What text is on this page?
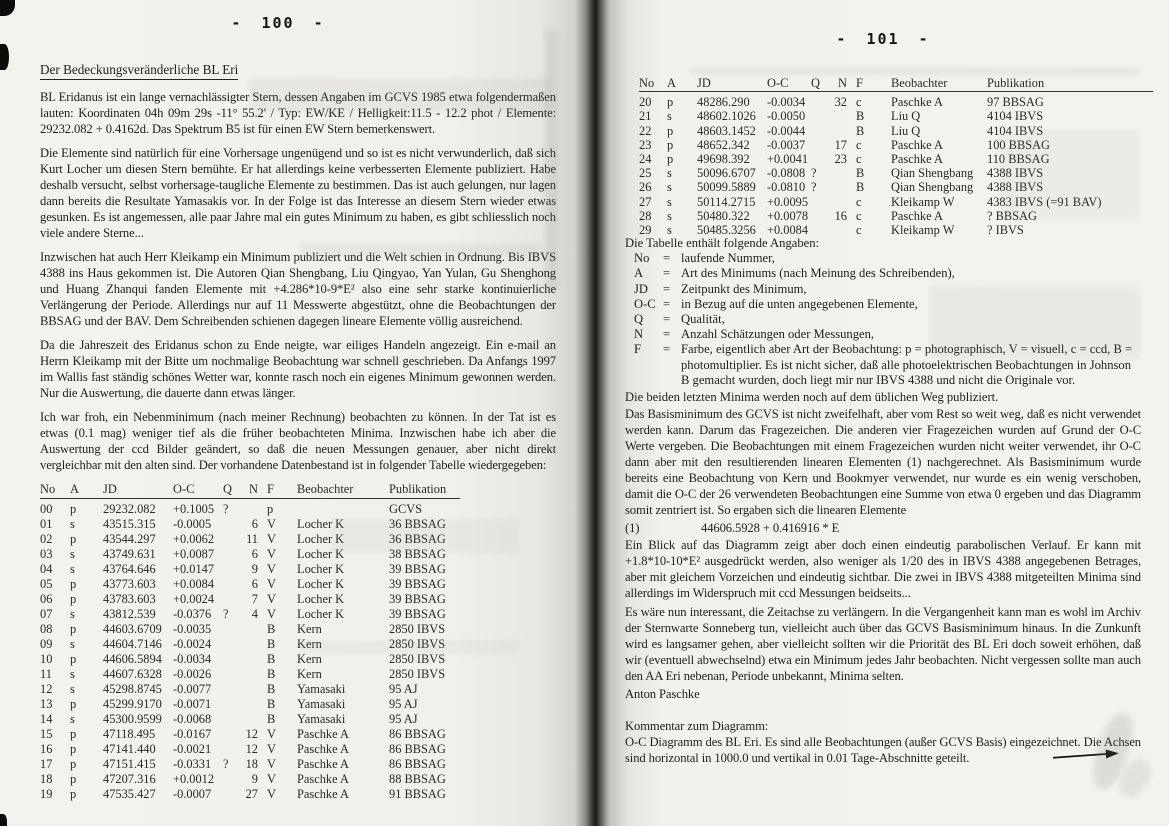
- 100 -
Der Bedeckungsveränderliche BL Eri

BL Eridanus ist ein lange vernachlässigter Stern, dessen Angaben im GCVS 1985 etwa folgendermaßen lauten: Koordinaten 04h 09m 29s -11° 55.2' / Typ: EW/KE / Helligkeit:11.5 - 12.2 phot / Elemente: 29232.082 + 0.4162d. Das Spektrum B5 ist für einen EW Stern bemerkenswert.

Die Elemente sind natürlich für eine Vorhersage ungenügend und so ist es nicht verwunderlich, daß sich Kurt Locher um diesen Stern bemühte. Er hat allerdings keine verbesserten Elemente publiziert. Habe deshalb versucht, selbst vorhersage-taugliche Elemente zu bestimmen. Das ist auch gelungen, nur lagen dann bereits die Resultate Yamasakis vor. In der Folge ist das Interesse an diesem Stern wieder etwas gesunken. Es ist angemessen, alle paar Jahre mal ein gutes Minimum zu haben, es gibt schliesslich noch viele andere Sterne...

Inzwischen hat auch Herr Kleikamp ein Minimum publiziert und die Welt schien in Ordnung. Bis IBVS 4388 ins Haus gekommen ist. Die Autoren Qian Shengbang, Liu Qingyao, Yan Yulan, Gu Shenghong und Huang Zhanqui fanden Elemente mit +4.286*10-9*E² also eine sehr starke kontinuierliche Verlängerung der Periode. Allerdings nur auf 11 Messwerte abgestützt, ohne die Beobachtungen der BBSAG und der BAV. Dem Schreibenden schienen dagegen lineare Elemente völlig ausreichend.

Da die Jahreszeit des Eridanus schon zu Ende neigte, war eiliges Handeln angezeigt. Ein e-mail an Herrn Kleikamp mit der Bitte um nochmalige Beobachtung war schnell geschrieben. Da Anfangs 1997 im Wallis fast ständig schönes Wetter war, konnte rasch noch ein eigenes Minimum gewonnen werden. Nur die Auswertung, die dauerte dann etwas länger.

Ich war froh, ein Nebenminimum (nach meiner Rechnung) beobachten zu können. In der Tat ist es etwas (0.1 mag) weniger tief als die früher beobachteten Minima. Inzwischen habe ich aber die Auswertung der ccd Bilder geändert, so daß die neuen Messungen genauer, aber nicht direkt vergleichbar mit den alten sind. Der vorhandene Datenbestand ist in folgender Tabelle wiedergegeben:

No	A	JD	O-C	Q	N F	Beobachter	Publikation
00	p	29232.082	+0.1005 ?	p	GCVS
01	s	43515.315	-0.0005	6 V	Locher K	36 BBSAG
02	p	43544.297	+0.0062	11 V	Locher K	36 BBSAG
03	s	43749.631	+0.0087	6 V	Locher K	38 BBSAG
04	s	43764.646	+0.0147	9 V	Locher K	39 BBSAG
05	p	43773.603	+0.0084	6 V	Locher K	39 BBSAG
06	p	43783.603	+0.0024	7 V	Locher K	39 BBSAG
07	s	43812.539	-0.0376 ?	4 V	Locher K	39 BBSAG
08	p	44603.6709 -0.0035	B	Kern	2850 IBVS
09	s	44604.7146 -0.0024	B	Kern	2850 IBVS
10	p	44606.5894 -0.0034	B	Kern	2850 IBVS
11	s	44607.6328 -0.0026	B	Kern	2850 IBVS
12	s	45298.8745 -0.0077	B	Yamasaki	95 AJ
13	p	45299.9170 -0.0071	B	Yamasaki	95 AJ
14	s	45300.9599 -0.0068	B	Yamasaki	95 AJ
15	p	47118.495	-0.0167	12 V	Paschke A	86 BBSAG
16	p	47141.440	-0.0021	12 V	Paschke A	86 BBSAG
17	p	47151.415	-0.0331 ?	18 V	Paschke A	86 BBSAG
18	p	47207.316	+0.0012	9 V	Paschke A	88 BBSAG
19	p	47535.427	-0.0007	27 V	Paschke A	91 BBSAG
- 101 -
No	A	JD	O-C	Q	N F	Beobachter	Publikation
20	p	48286.290	-0.0034	32 c	Paschke A	97 BBSAG
21	s	48602.1026 -0.0050	B	Liu Q	4104 IBVS
22	p	48603.1452 -0.0044	B	Liu Q	4104 IBVS
23	p	48652.342	-0.0037	17 c	Paschke A	100 BBSAG
24	p	49698.392	+0.0041 23 c	Paschke A	110 BBSAG
25	s	50096.6707 -0.0808 ?	B	Qian Shengbang	4388 IBVS
26	s	50099.5889 -0.0810 ?	B	Qian Shengbang	4388 IBVS
27	s	50114.2715 +0.0095	c	Kleikamp W	4383 IBVS (=91 BAV)
28	s	50480.322	+0.0078 16 c	Paschke A	? BBSAG
29	s	50485.3256 +0.0084	c	Kleikamp W	? IBVS
Die Tabelle enthält folgende Angaben:
No	= laufende Nummer,
A	= Art des Minimums (nach Meinung des Schreibenden),
JD	= Zeitpunkt des Minimum,
O-C = in Bezug auf die unten angegebenen Elemente,
Q	= Qualität,
N	= Anzahl Schätzungen oder Messungen,
F	= Farbe, eigentlich aber Art der Beobachtung: p = photographisch, V = visuell, c = ccd, B = photomultiplier. Es ist nicht sicher, daß alle photoelektrischen Beobachtungen in Johnson B gemacht wurden, doch liegt mir nur IBVS 4388 und nicht die Originale vor.
Die beiden letzten Minima werden noch auf dem üblichen Weg publiziert.
Das Basisminimum des GCVS ist nicht zweifelhaft, aber vom Rest so weit weg, daß es nicht verwendet werden kann. Darum das Fragezeichen. Die anderen vier Fragezeichen wurden auf Grund der O-C Werte vergeben. Die Beobachtungen mit einem Fragezeichen wurden nicht weiter verwendet, ihr O-C dann aber mit den resultierenden linearen Elementen (1) nachgerechnet. Als Basisminimum wurde bereits eine Beobachtung von Kern und Bookmyer verwendet, nur wurde es ein wenig verschoben, damit die O-C der 26 verwendeten Beobachtungen eine Summe von etwa 0 ergeben und das Diagramm somit zentriert ist. So ergaben sich die linearen Elemente
(1)	44606.5928 + 0.416916 * E
Ein Blick auf das Diagramm zeigt aber doch einen eindeutig parabolischen Verlauf. Er kann mit +1.8*10-10*E² ausgedrückt werden, also weniger als 1/20 des in IBVS 4388 angegebenen Betrages, aber mit gleichem Vorzeichen und eindeutig sichtbar. Die zwei in IBVS 4388 mitgeteilten Minima sind allerdings im Widerspruch mit ccd Messungen beidseits...
Es wäre nun interessant, die Zeitachse zu verlängern. In die Vergangenheit kann man es wohl im Archiv der Sternwarte Sonneberg tun, vielleicht auch über das GCVS Basisminimum hinaus. In die Zunkunft wird es langsamer gehen, aber vielleicht sollten wir die Priorität des BL Eri doch soweit erhöhen, daß wir (eventuell abwechselnd) etwa ein Minimum jedes Jahr beobachten. Nicht vergessen sollte man auch den AA Eri nebenan, Periode unbekannt, Minima selten.
Anton Paschke
Kommentar zum Diagramm:
O-C Diagramm des BL Eri. Es sind alle Beobachtungen (außer GCVS Basis) eingezeichnet. Die Achsen sind horizontal in 1000.0 und vertikal in 0.01 Tage-Abschnitte geteilt.
